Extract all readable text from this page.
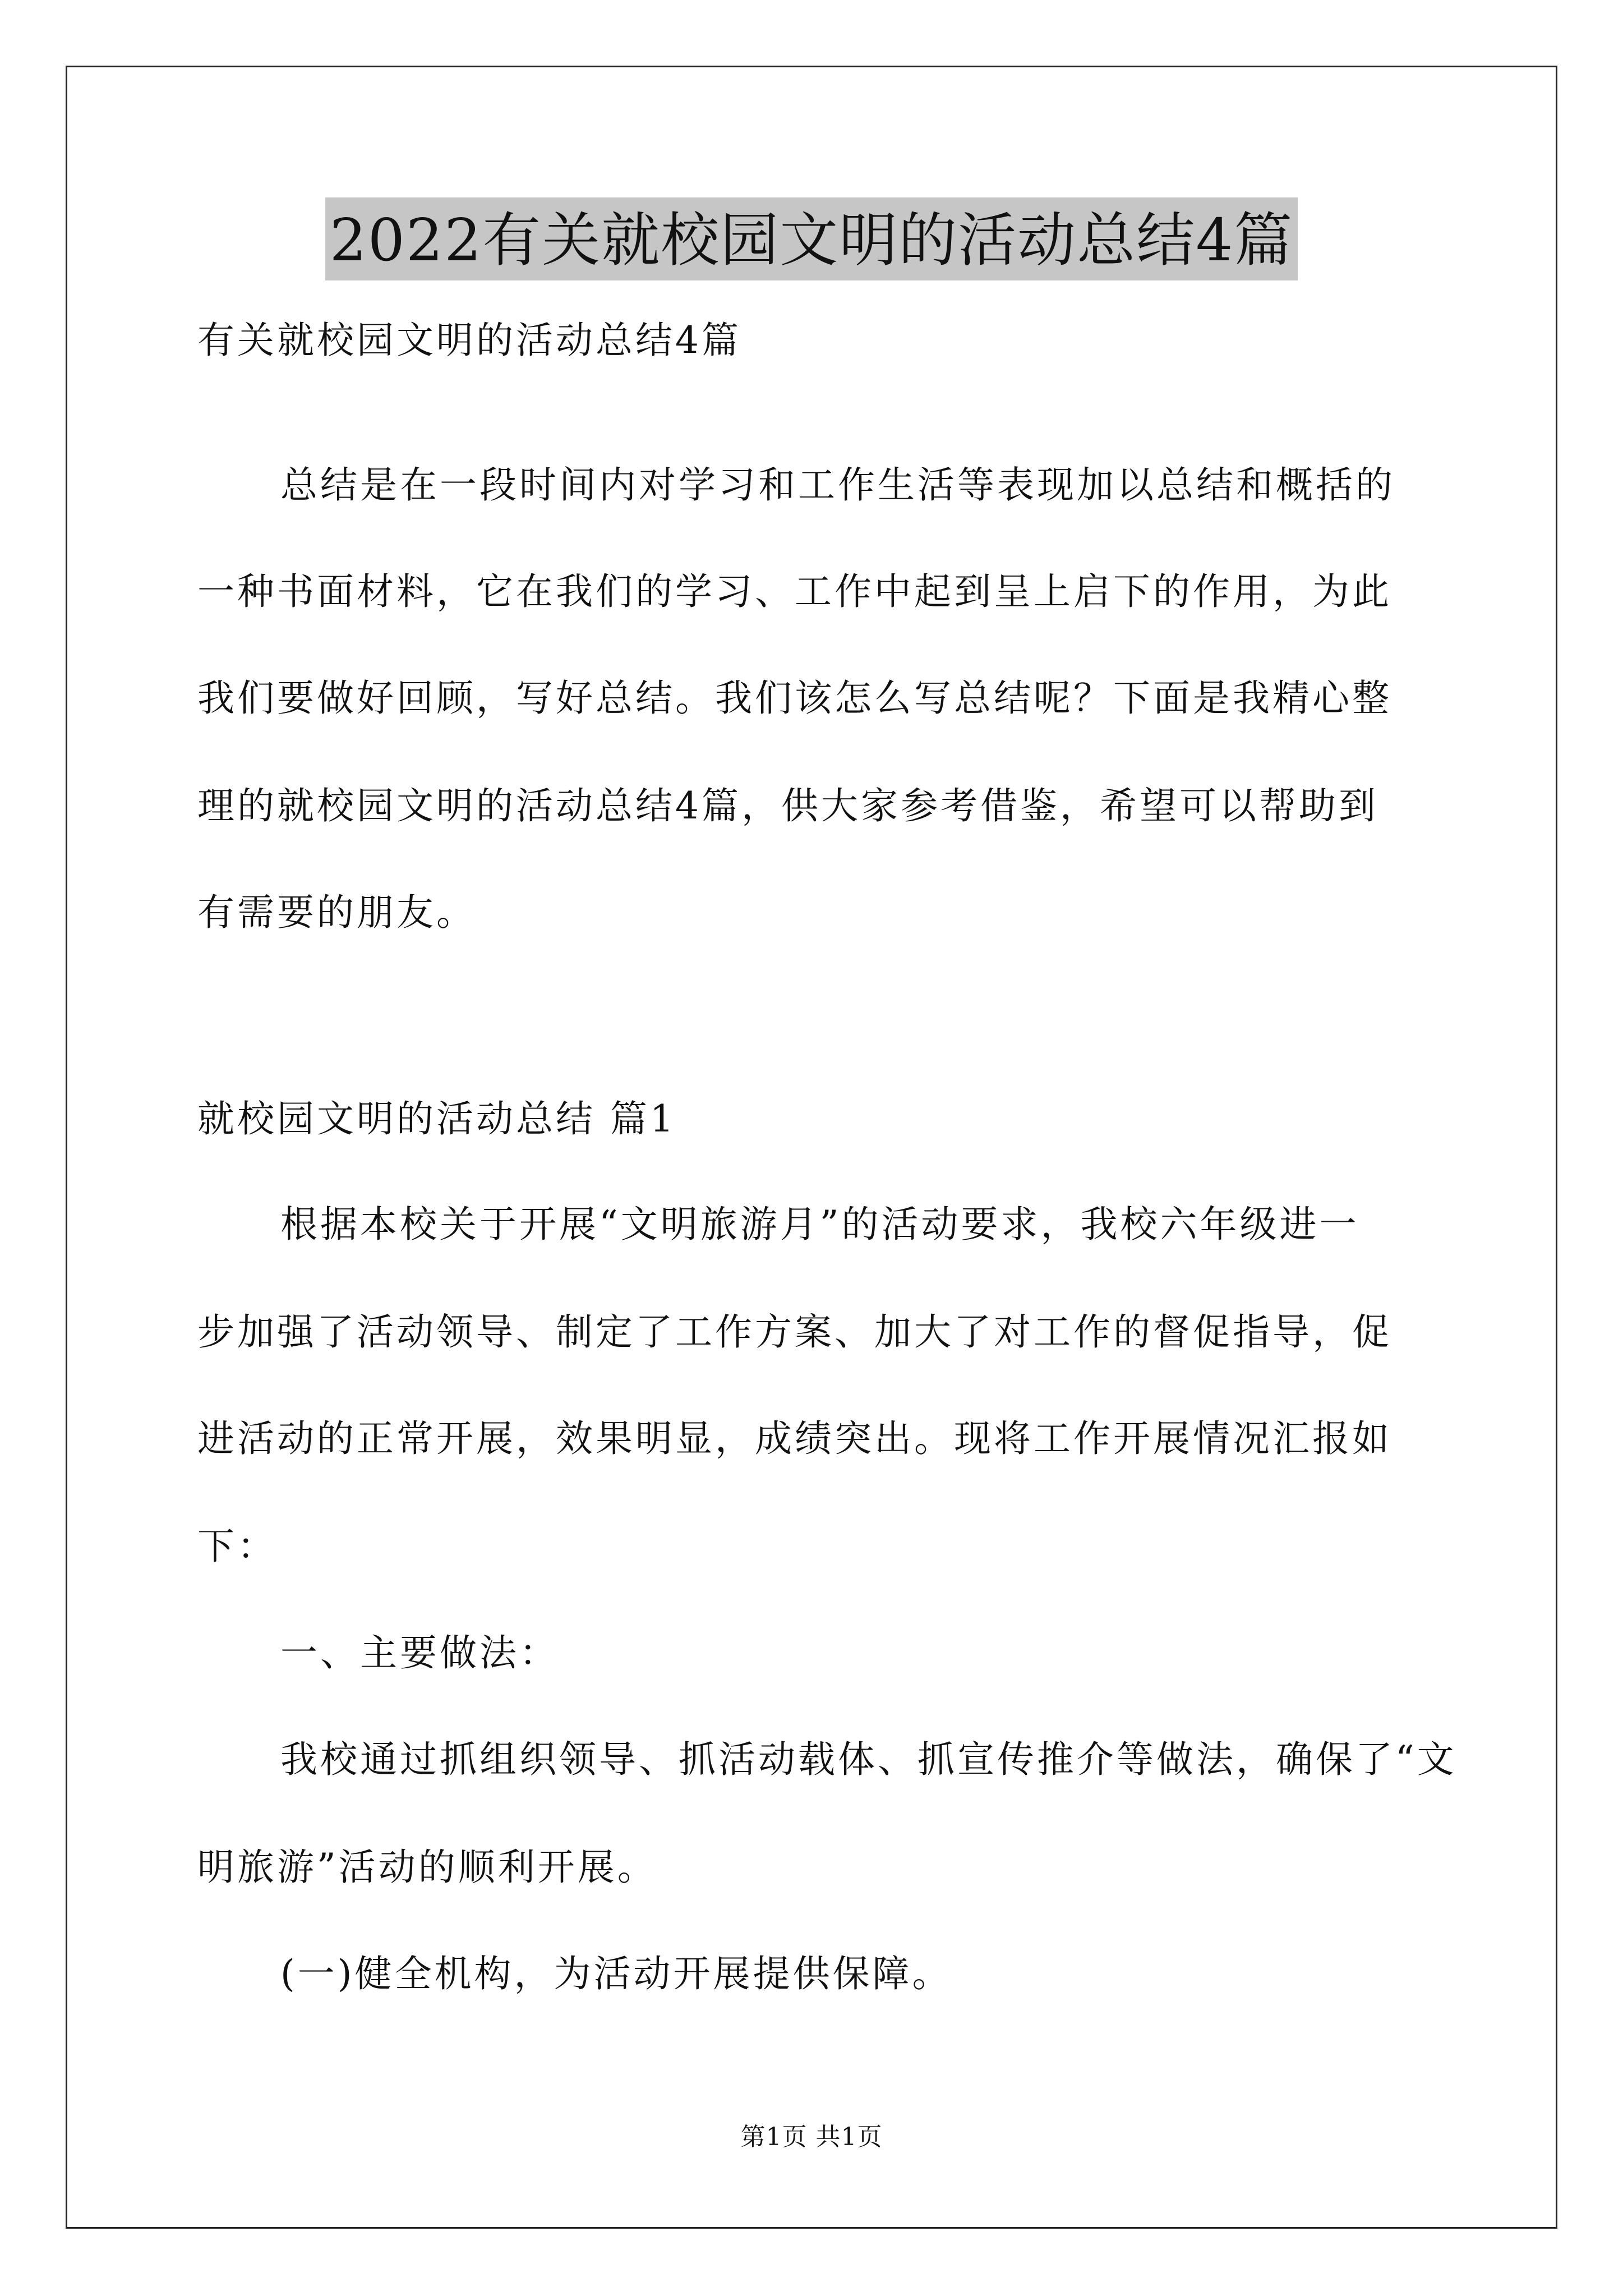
2022有关就校园文明的活动总结4篇
有关就校园文明的活动总结4篇
总结是在一段时间内对学习和工作生活等表现加以总结和概括的
一种书面材料，它在我们的学习、工作中起到呈上启下的作用，为此
我们要做好回顾，写好总结。我们该怎么写总结呢？下面是我精心整
理的就校园文明的活动总结4篇，供大家参考借鉴，希望可以帮助到
有需要的朋友。
就校园文明的活动总结 篇1
根据本校关于开展“文明旅游月”的活动要求，我校六年级进一
步加强了活动领导、制定了工作方案、加大了对工作的督促指导，促
进活动的正常开展，效果明显，成绩突出。现将工作开展情况汇报如
下：
一、主要做法：
我校通过抓组织领导、抓活动载体、抓宣传推介等做法，确保了“文
明旅游”活动的顺利开展。
(一)健全机构，为活动开展提供保障。
第1页 共1页
